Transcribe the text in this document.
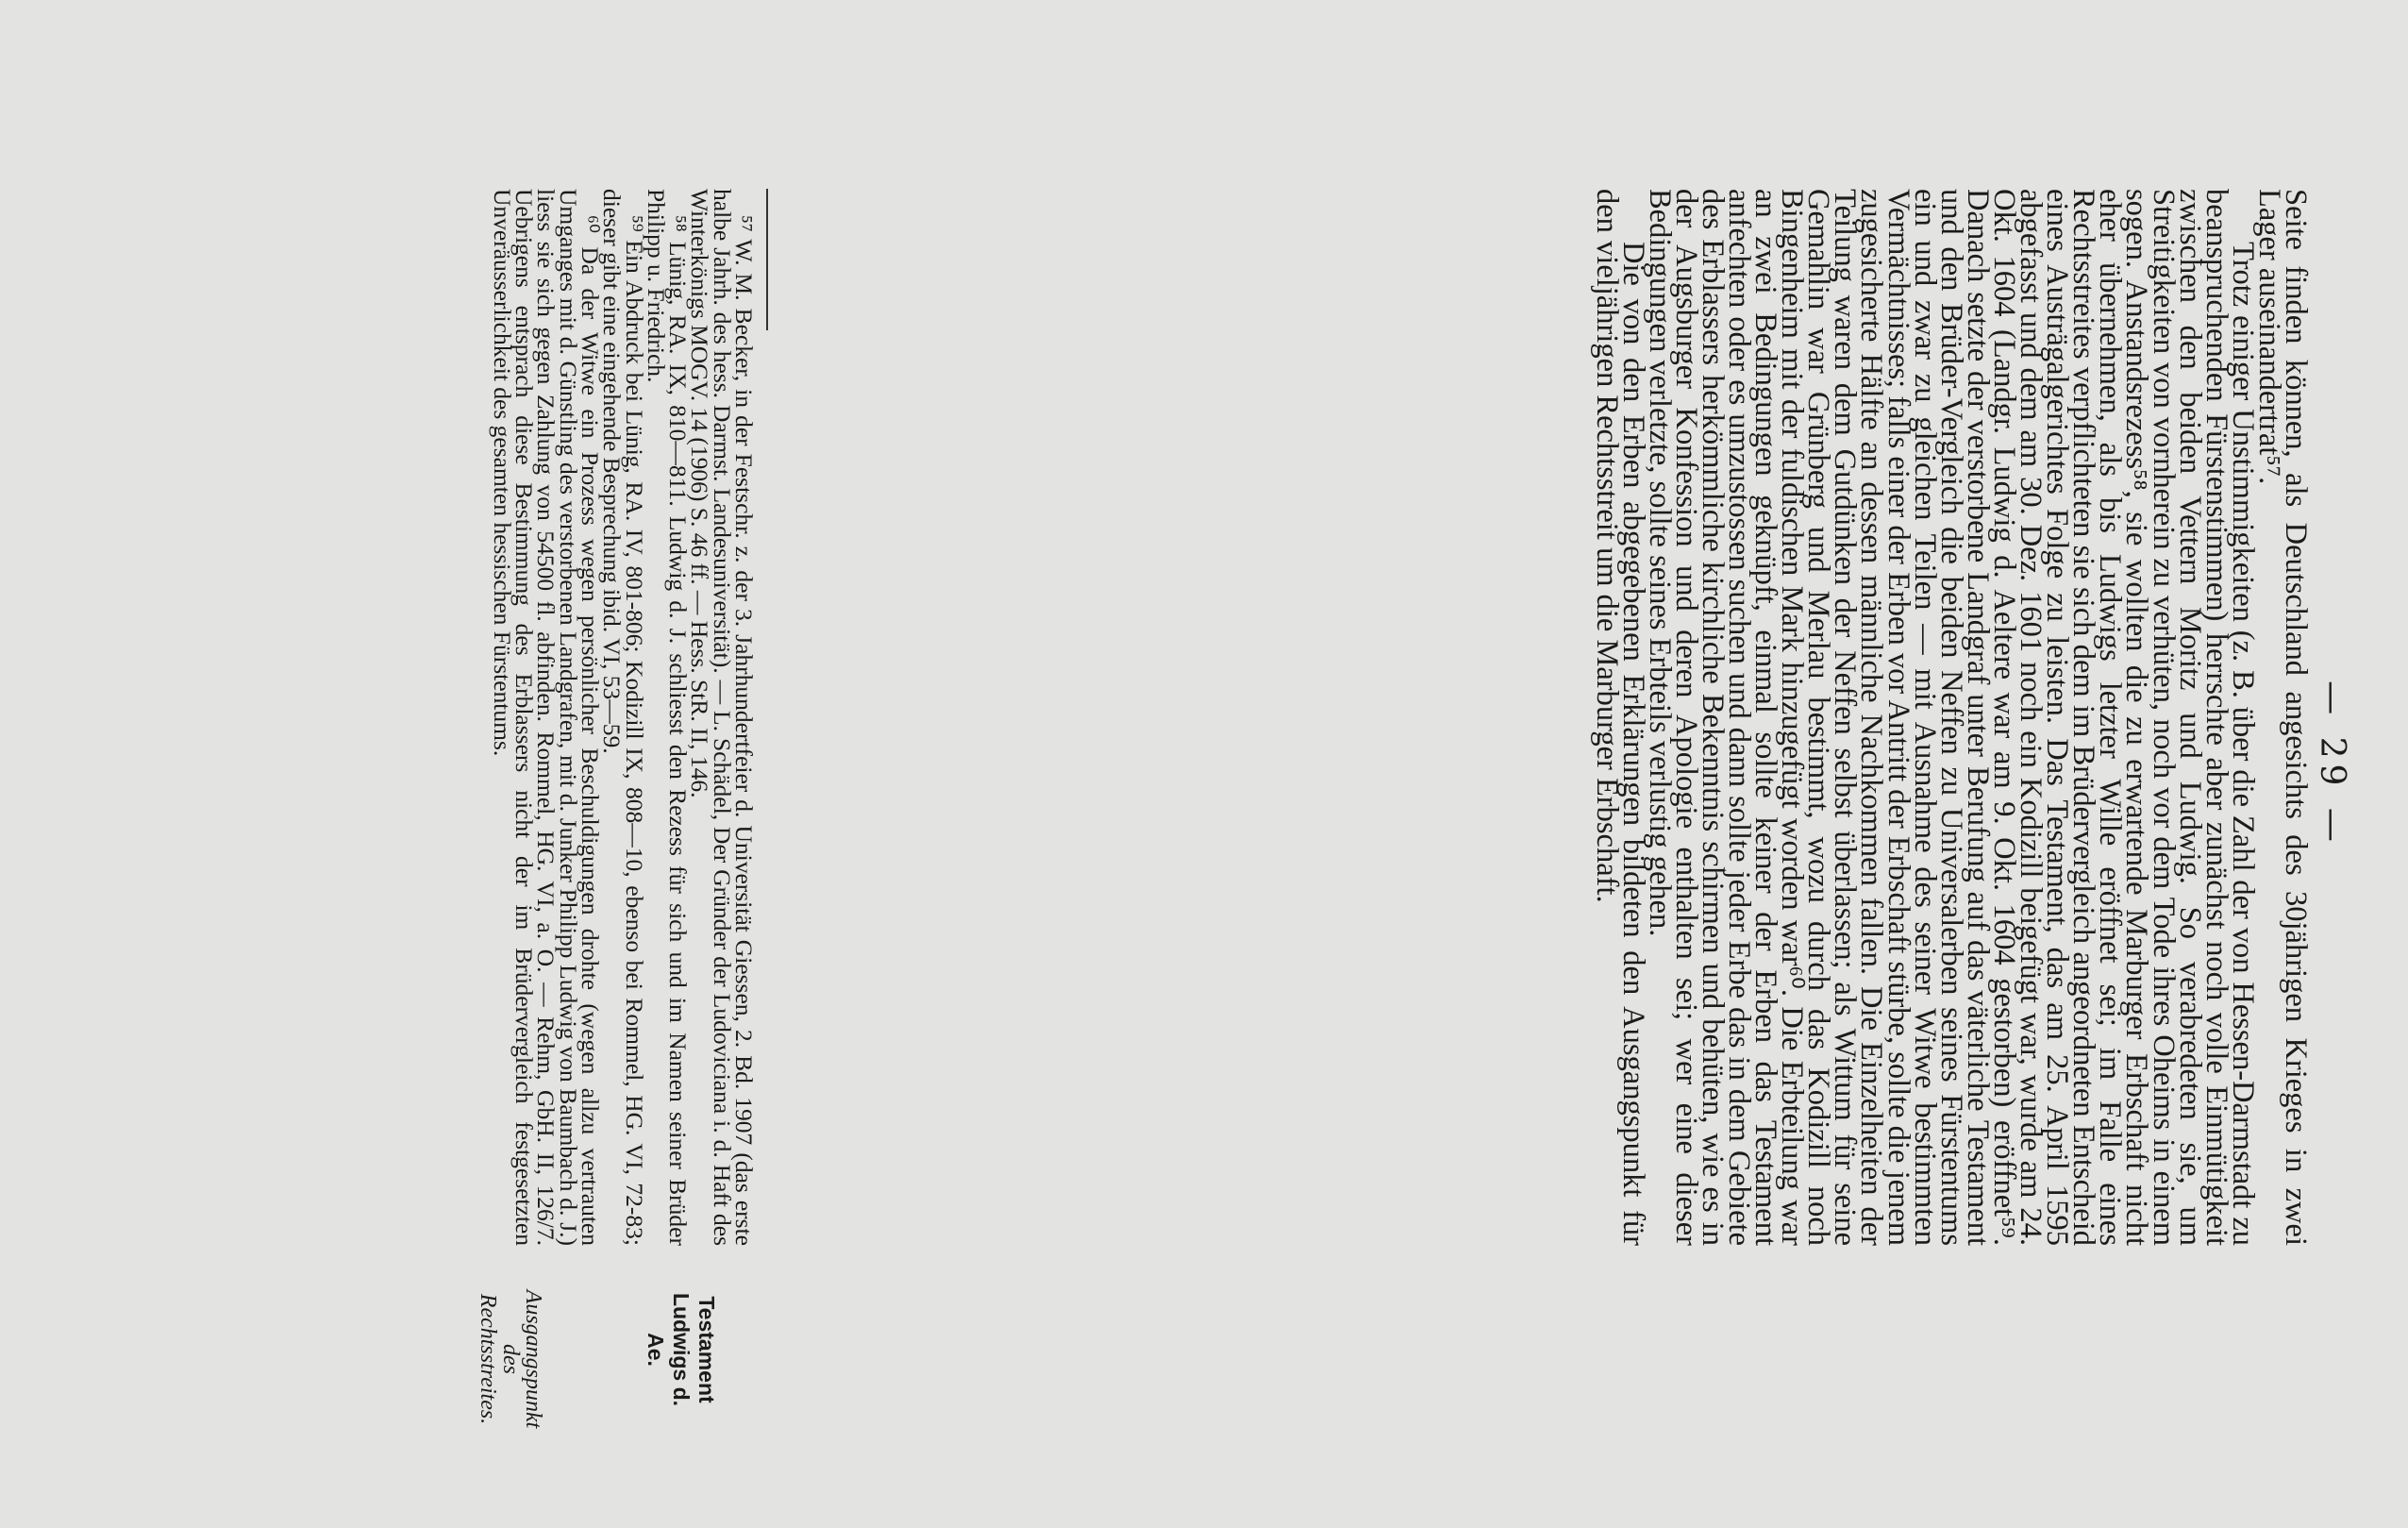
— 29 —

Seite finden können, als Deutschland angesichts des 30jährigen Krieges in zwei Lager auseinandertrat⁵⁷.

Trotz einiger Unstimmigkeiten (z. B. über die Zahl der von Hessen-Darmstadt zu beanspruchenden Fürstenstimmen) herrschte aber zunächst noch volle Einmütigkeit zwischen den beiden Vettern Moritz und Ludwig. So verabredeten sie, um Streitigkeiten von vornherein zu verhüten, noch vor dem Tode ihres Oheims in einem sogen. Anstandsrezess⁵⁸, sie wollten die zu erwartende Marburger Erbschaft nicht eher übernehmen, als bis Ludwigs letzter Wille eröffnet sei; im Falle eines Rechtsstreites verpflichteten sie sich dem im Brüdervergleich angeordneten Entscheid eines Austrägalgerichtes Folge zu leisten. Das Testament, das am 25. April 1595 abgefasst und dem am 30. Dez. 1601 noch ein Kodizill beigefügt war, wurde am 24. Okt. 1604 (Landgr. Ludwig d. Aeltere war am 9. Okt. 1604 gestorben) eröffnet⁵⁹. Danach setzte der verstorbene Landgraf unter Berufung auf das väterliche Testament und den Brüder-Vergleich die beiden Neffen zu Universalerben seines Fürstentums ein und zwar zu gleichen Teilen — mit Ausnahme des seiner Witwe bestimmten Vermächtnisses; falls einer der Erben vor Antritt der Erbschaft stürbe, sollte die jenem zugesicherte Hälfte an dessen männliche Nachkommen fallen. Die Einzelheiten der Teilung waren dem Gutdünken der Neffen selbst überlassen; als Wittum für seine Gemahlin war Grünberg und Merlau bestimmt, wozu durch das Kodizill noch Bingenheim mit der fuldischen Mark hinzugefügt worden war⁶⁰. Die Erbteilung war an zwei Bedingungen geknüpft, einmal sollte keiner der Erben das Testament anfechten oder es umzustossen suchen und dann sollte jeder Erbe das in dem Gebiete des Erblassers herkömmliche kirchliche Bekenntnis schirmen und behüten, wie es in der Augsburger Konfession und deren Apologie enthalten sei; wer eine dieser Bedingungen verletzte, sollte seines Erbteils verlustig gehen.

Die von den Erben abgegebenen Erklärungen bildeten den Ausgangspunkt für den vieljährigen Rechtsstreit um die Marburger Erbschaft.

⁵⁷ W. M. Becker, in der Festschr. z. der 3. Jahrhundertfeier d. Universität Giessen, 2. Bd. 1907 (das erste halbe Jahrh. des hess. Darmst. Landesuniversität). — L. Schädel, Der Gründer der Ludoviciana i. d. Haft des Winterkönigs MOGV. 14 (1906) S. 46 ff. — Hess. StR. II, 146.

⁵⁸ Lünig, RA. IX, 810—811. Ludwig d. J. schliesst den Rezess für sich und im Namen seiner Brüder Philipp u. Friedrich.

⁵⁹ Ein Abdruck bei Lünig, RA. IV, 801-806; Kodizill IX, 808—10, ebenso bei Rommel, HG. VI, 72-83; dieser gibt eine eingehende Besprechung ibid. VI, 53—59.

⁶⁰ Da der Witwe ein Prozess wegen persönlicher Beschuldigungen drohte (wegen allzu vertrauten Umganges mit d. Günstling des verstorbenen Landgrafen, mit d. Junker Philipp Ludwig von Baumbach d. J.) liess sie sich gegen Zahlung von 54500 fl. abfinden. Rommel, HG. VI, a. O. — Rehm, GbH. II, 126/7. Uebrigens entsprach diese Bestimmung des Erblassers nicht der im Brüdervergleich festgesetzten Unveräusserlichkeit des gesamten hessischen Fürstentums.

Testament Ludwigs d. Ae.
Ausgangspunkt des Rechtsstreites.
